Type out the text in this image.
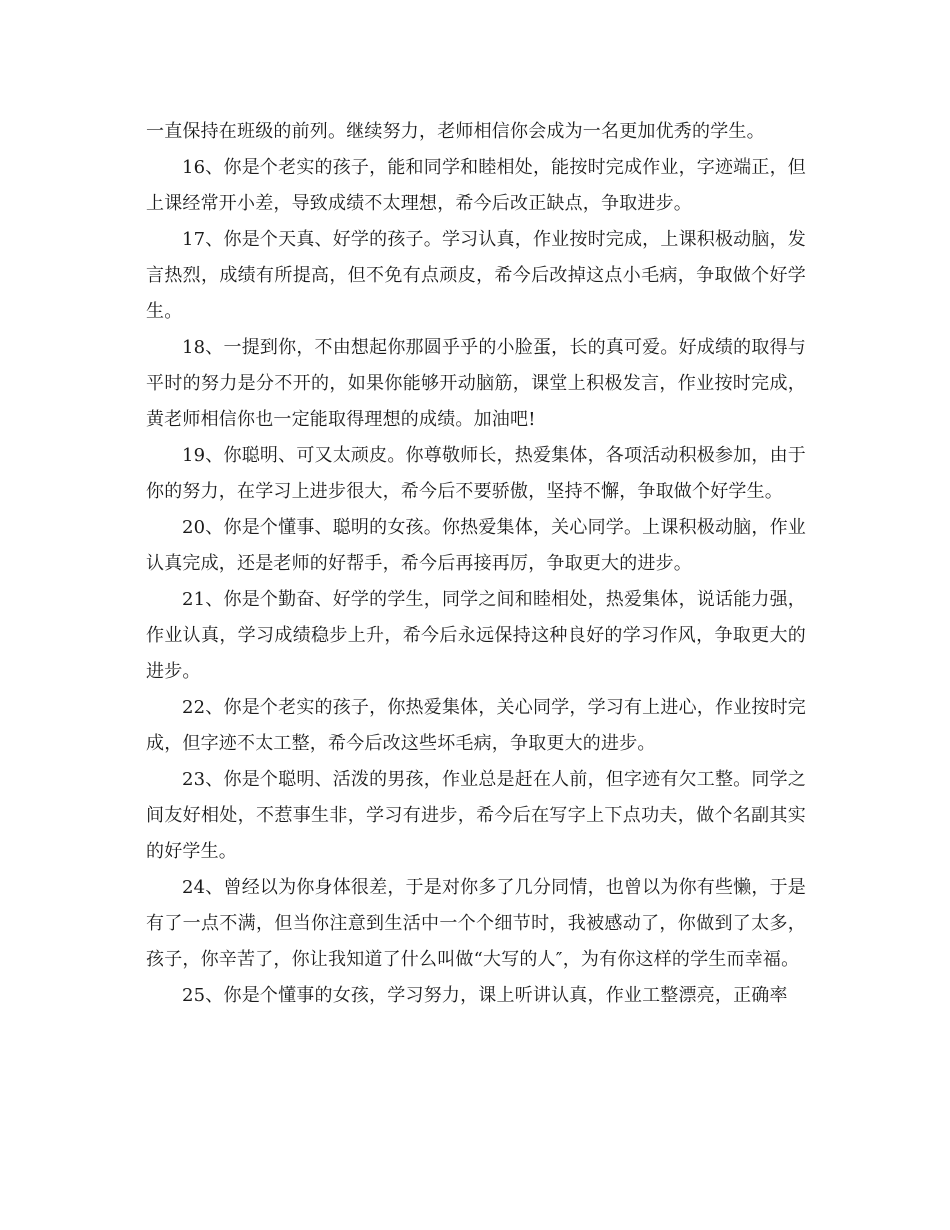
一直保持在班级的前列。继续努力，老师相信你会成为一名更加优秀的学生。

16、你是个老实的孩子，能和同学和睦相处，能按时完成作业，字迹端正，但上课经常开小差，导致成绩不太理想，希今后改正缺点，争取进步。

17、你是个天真、好学的孩子。学习认真，作业按时完成，上课积极动脑，发言热烈，成绩有所提高，但不免有点顽皮，希今后改掉这点小毛病，争取做个好学生。

18、一提到你，不由想起你那圆乎乎的小脸蛋，长的真可爱。好成绩的取得与平时的努力是分不开的，如果你能够开动脑筋，课堂上积极发言，作业按时完成，黄老师相信你也一定能取得理想的成绩。加油吧!

19、你聪明、可又太顽皮。你尊敬师长，热爱集体，各项活动积极参加，由于你的努力，在学习上进步很大，希今后不要骄傲，坚持不懈，争取做个好学生。

20、你是个懂事、聪明的女孩。你热爱集体，关心同学。上课积极动脑，作业认真完成，还是老师的好帮手，希今后再接再厉，争取更大的进步。

21、你是个勤奋、好学的学生，同学之间和睦相处，热爱集体，说话能力强，作业认真，学习成绩稳步上升，希今后永远保持这种良好的学习作风，争取更大的进步。

22、你是个老实的孩子，你热爱集体，关心同学，学习有上进心，作业按时完成，但字迹不太工整，希今后改这些坏毛病，争取更大的进步。

23、你是个聪明、活泼的男孩，作业总是赶在人前，但字迹有欠工整。同学之间友好相处，不惹事生非，学习有进步，希今后在写字上下点功夫，做个名副其实的好学生。

24、曾经以为你身体很差，于是对你多了几分同情，也曾以为你有些懒，于是有了一点不满，但当你注意到生活中一个个细节时，我被感动了，你做到了太多，孩子，你辛苦了，你让我知道了什么叫做“大写的人″，为有你这样的学生而幸福。

25、你是个懂事的女孩，学习努力，课上听讲认真，作业工整漂亮，正确率
